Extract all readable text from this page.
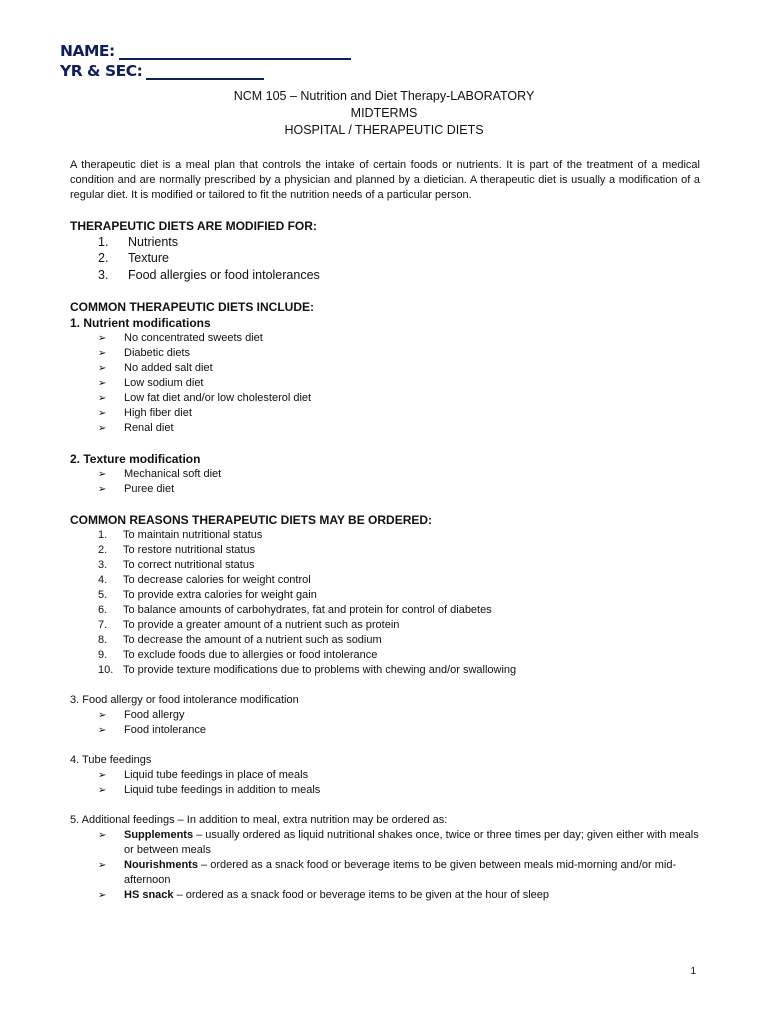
NAME:
YR & SEC:
NCM 105 – Nutrition and Diet Therapy-LABORATORY
MIDTERMS
HOSPITAL / THERAPEUTIC DIETS

A therapeutic diet is a meal plan that controls the intake of certain foods or nutrients. It is part of the treatment of a medical condition and are normally prescribed by a physician and planned by a dietician. A therapeutic diet is usually a modification of a regular diet. It is modified or tailored to fit the nutrition needs of a particular person.

THERAPEUTIC DIETS ARE MODIFIED FOR:

1.	Nutrients
2.	Texture
3.	Food allergies or food intolerances

COMMON THERAPEUTIC DIETS INCLUDE:

1. Nutrient modifications

➢	No concentrated sweets diet
➢	Diabetic diets
➢	No added salt diet
➢	Low sodium diet
➢	Low fat diet and/or low cholesterol diet
➢	High fiber diet
➢	Renal diet

2. Texture modification

➢	Mechanical soft diet
➢	Puree diet

COMMON REASONS THERAPEUTIC DIETS MAY BE ORDERED:

1.	To maintain nutritional status
2.	To restore nutritional status
3.	To correct nutritional status
4.	To decrease calories for weight control
5.	To provide extra calories for weight gain
6.	To balance amounts of carbohydrates, fat and protein for control of diabetes
7.	To provide a greater amount of a nutrient such as protein
8.	To decrease the amount of a nutrient such as sodium
9.	To exclude foods due to allergies or food intolerance
10. To provide texture modifications due to problems with chewing and/or swallowing

3. Food allergy or food intolerance modification

➢	Food allergy
➢	Food intolerance

4. Tube feedings

➢	Liquid tube feedings in place of meals
➢	Liquid tube feedings in addition to meals

5. Additional feedings – In addition to meal, extra nutrition may be ordered as:

➢	Supplements – usually ordered as liquid nutritional shakes once, twice or three times per day; given either with meals or between meals
➢	Nourishments – ordered as a snack food or beverage items to be given between meals mid-morning and/or mid-afternoon
➢	HS snack – ordered as a snack food or beverage items to be given at the hour of sleep
1
